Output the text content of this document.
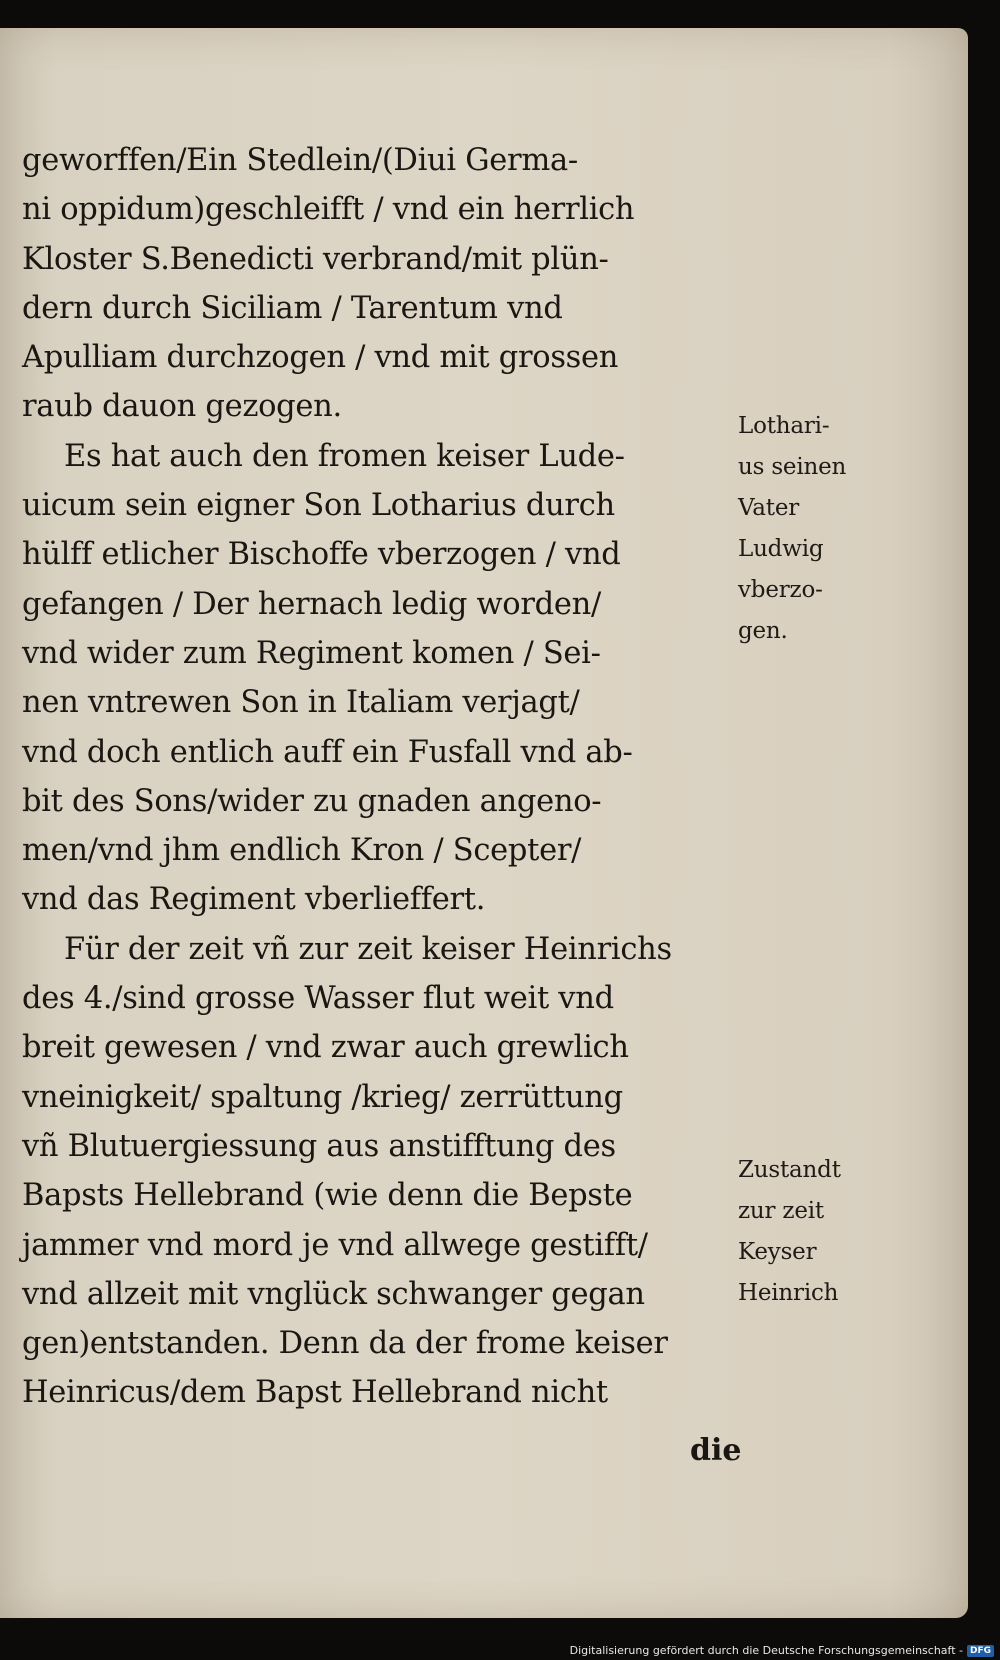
geworffen/Ein Stedlein/(Diui Germa-
ni oppidum)geschleifft / vnd ein herrlich
Kloster S.Benedicti verbrand/mit plün-
dern durch Siciliam / Tarentum vnd
Apulliam durchzogen / vnd mit grossen
raub dauon gezogen.
Es hat auch den fromen keiser Lude-
uicum sein eigner Son Lotharius durch
hülff etlicher Bischoffe vberzogen / vnd
gefangen / Der hernach ledig worden/
vnd wider zum Regiment komen / Sei-
nen vntrewen Son in Italiam verjagt/
vnd doch entlich auff ein Fusfall vnd ab-
bit des Sons/wider zu gnaden angeno-
men/vnd jhm endlich Kron / Scepter/
vnd das Regiment vberlieffert.
Für der zeit vñ zur zeit keiser Heinrichs
des 4./sind grosse Wasser flut weit vnd
breit gewesen / vnd zwar auch grewlich
vneinigkeit/ spaltung /krieg/ zerrüttung
vñ Blutuergiessung aus anstifftung des
Bapsts Hellebrand (wie denn die Bepste
jammer vnd mord je vnd allwege gestifft/
vnd allzeit mit vnglück schwanger gegan
gen)entstanden. Denn da der frome keiser
Heinricus/dem Bapst Hellebrand nicht
die
Lothari-
us seinen
Vater
Ludwig
vberzo-
gen.
Zustandt
zur zeit
Keyser
Heinrich
Digitalisierung gefördert durch die Deutsche Forschungsgemeinschaft - DFG
